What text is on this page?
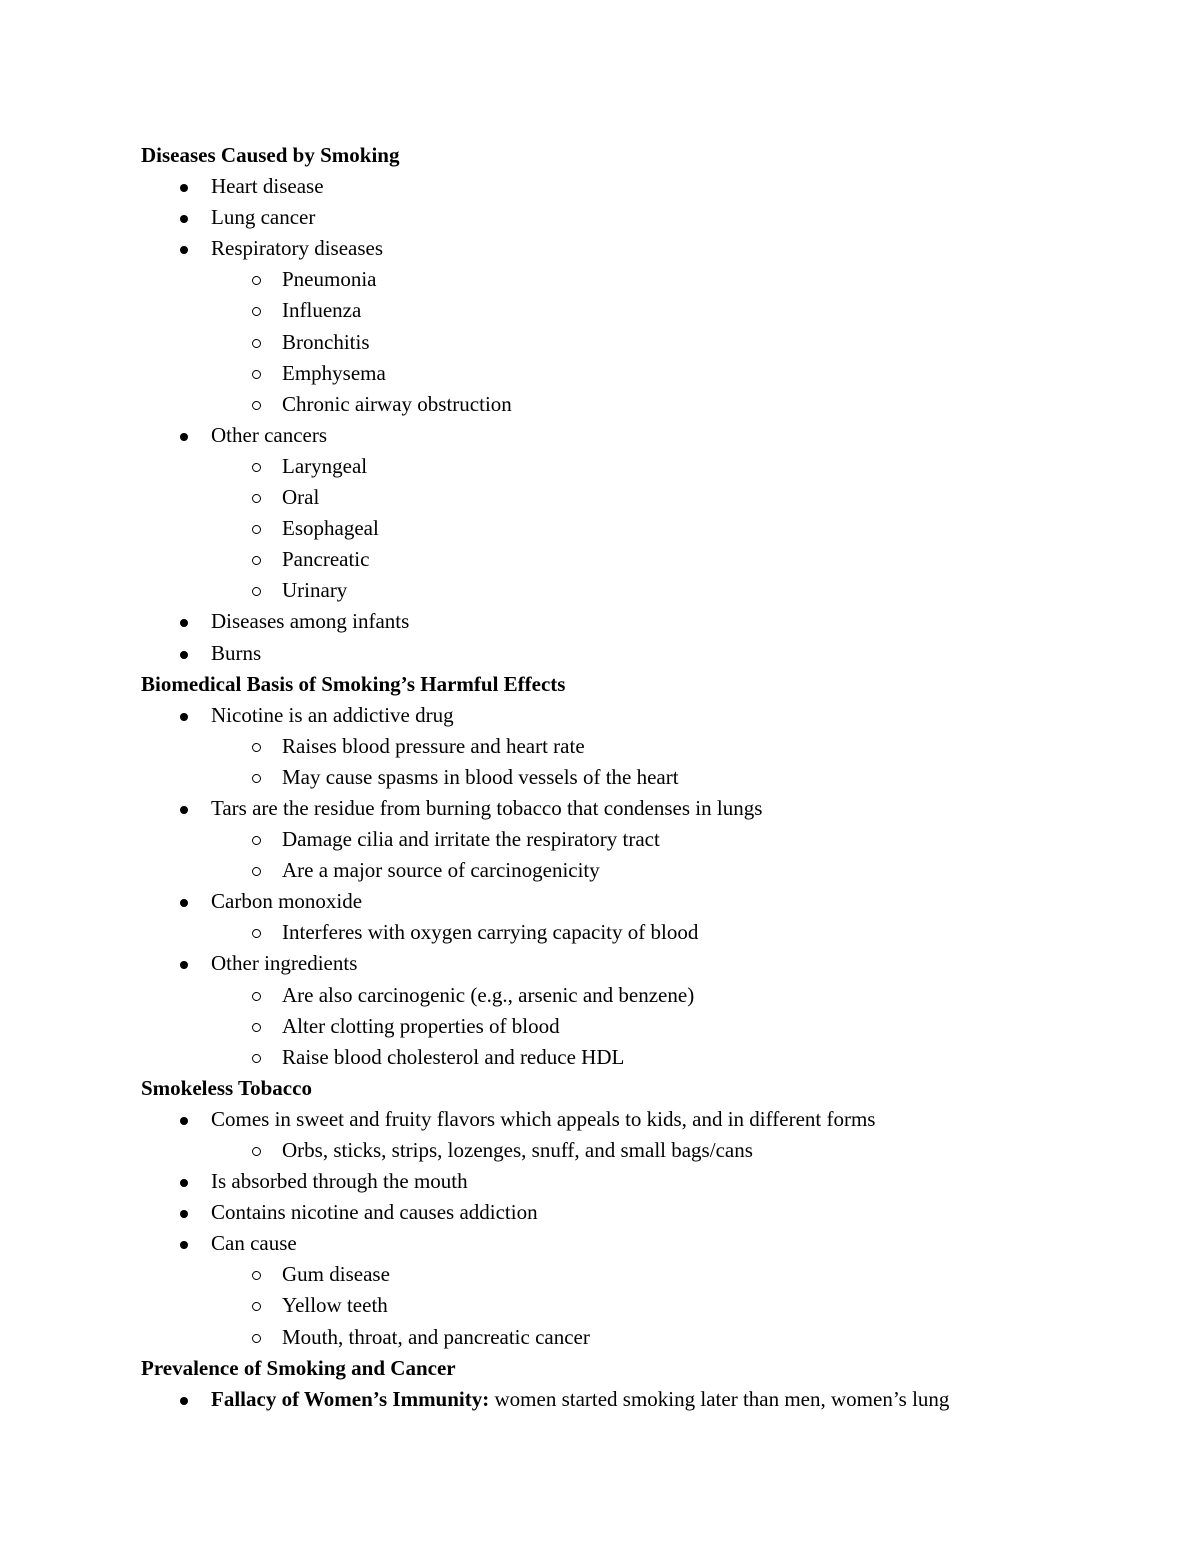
Diseases Caused by Smoking
Heart disease
Lung cancer
Respiratory diseases
Pneumonia
Influenza
Bronchitis
Emphysema
Chronic airway obstruction
Other cancers
Laryngeal
Oral
Esophageal
Pancreatic
Urinary
Diseases among infants
Burns
Biomedical Basis of Smoking’s Harmful Effects
Nicotine is an addictive drug
Raises blood pressure and heart rate
May cause spasms in blood vessels of the heart
Tars are the residue from burning tobacco that condenses in lungs
Damage cilia and irritate the respiratory tract
Are a major source of carcinogenicity
Carbon monoxide
Interferes with oxygen carrying capacity of blood
Other ingredients
Are also carcinogenic (e.g., arsenic and benzene)
Alter clotting properties of blood
Raise blood cholesterol and reduce HDL
Smokeless Tobacco
Comes in sweet and fruity flavors which appeals to kids, and in different forms
Orbs, sticks, strips, lozenges, snuff, and small bags/cans
Is absorbed through the mouth
Contains nicotine and causes addiction
Can cause
Gum disease
Yellow teeth
Mouth, throat, and pancreatic cancer
Prevalence of Smoking and Cancer
Fallacy of Women’s Immunity: women started smoking later than men, women’s lung
